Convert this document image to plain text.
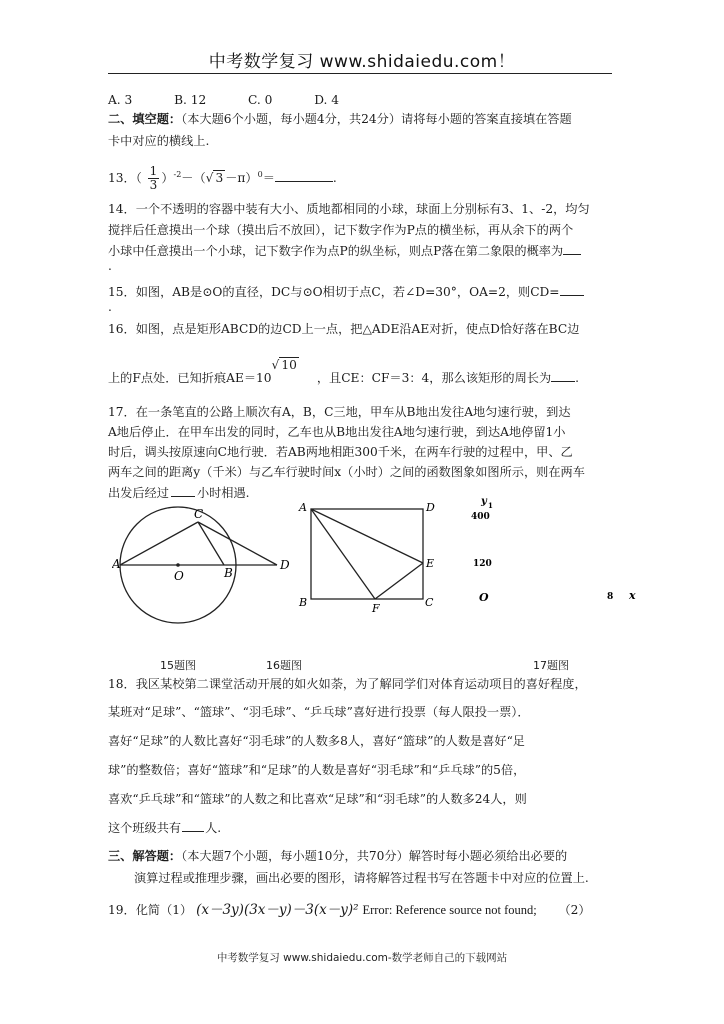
中考数学复习 www.shidaiedu.com！
A. 3	B. 12	C. 0	D. 4
二、填空题：（本大题6个小题，每小题4分，共24分）请将每小题的答案直接填在答题
卡中对应的横线上.
13．（ $\frac{1}{3} )^{-2}-(√$ 3 －π）$^0$＝	.
14．一个不透明的容器中装有大小、质地都相同的小球，球面上分别标有3、1、-2，均匀
搅拌后任意摸出一个球（摸出后不放回），记下数字作为P点的横坐标，再从余下的两个
小球中任意摸出一个小球，记下数字作为点P的纵坐标，则点P落在第二象限的概率为
.
15．如图，AB是⊙O的直径，DC与⊙O相切于点C，若∠D=30°，OA=2，则CD=
.
16．如图，点是矩形ABCD的边CD上一点，把△ADE沿AE对折，使点D恰好落在BC边
上的F点处．已知折痕AE＝10√ 10，且CE：CF＝3：4，那么该矩形的周长为 .
17．在一条笔直的公路上顺次有A，B，C三地，甲车从B地出发往A地匀速行驶，到达
A地后停止．在甲车出发的同时，乙车也从B地出发往A地匀速行驶，到达A地停留1小
时后，调头按原速向C地行驶．若AB两地相距300千米，在两车行驶的过程中，甲、乙
两车之间的距离y（千米）与乙车行驶时间x（小时）之间的函数图象如图所示，则在两车
出发后经过 小时相遇.
A
O	B
C
D
A	D
E
B	F	C
y 1
400
120
O	8 x
15题图	16题图	17题图
18．我区某校第二课堂活动开展的如火如荼，为了解同学们对体育运动项目的喜好程度，
某班对“足球”、“篮球”、“羽毛球”、“乒乓球”喜好进行投票（每人限投一票）．
喜好“足球”的人数比喜好“羽毛球”的人数多8人，喜好“篮球”的人数是喜好“足
球”的整数倍；喜好“篮球”和“足球”的人数是喜好“羽毛球”和“乒乓球”的5倍，
喜欢“乒乓球”和“篮球”的人数之和比喜欢“足球”和“羽毛球”的人数多24人，则
这个班级共有 人.
三、解答题：（本大题7个小题，每小题10分，共70分）解答时每小题必须给出必要的
演算过程或推理步骤，画出必要的图形，请将解答过程书写在答题卡中对应的位置上.
19．化简（1） (x－3y)(3x－y)－3(x－y)² Error: Reference source not found; （2）
中考数学复习 www.shidaiedu.com-数学老师自己的下载网站
